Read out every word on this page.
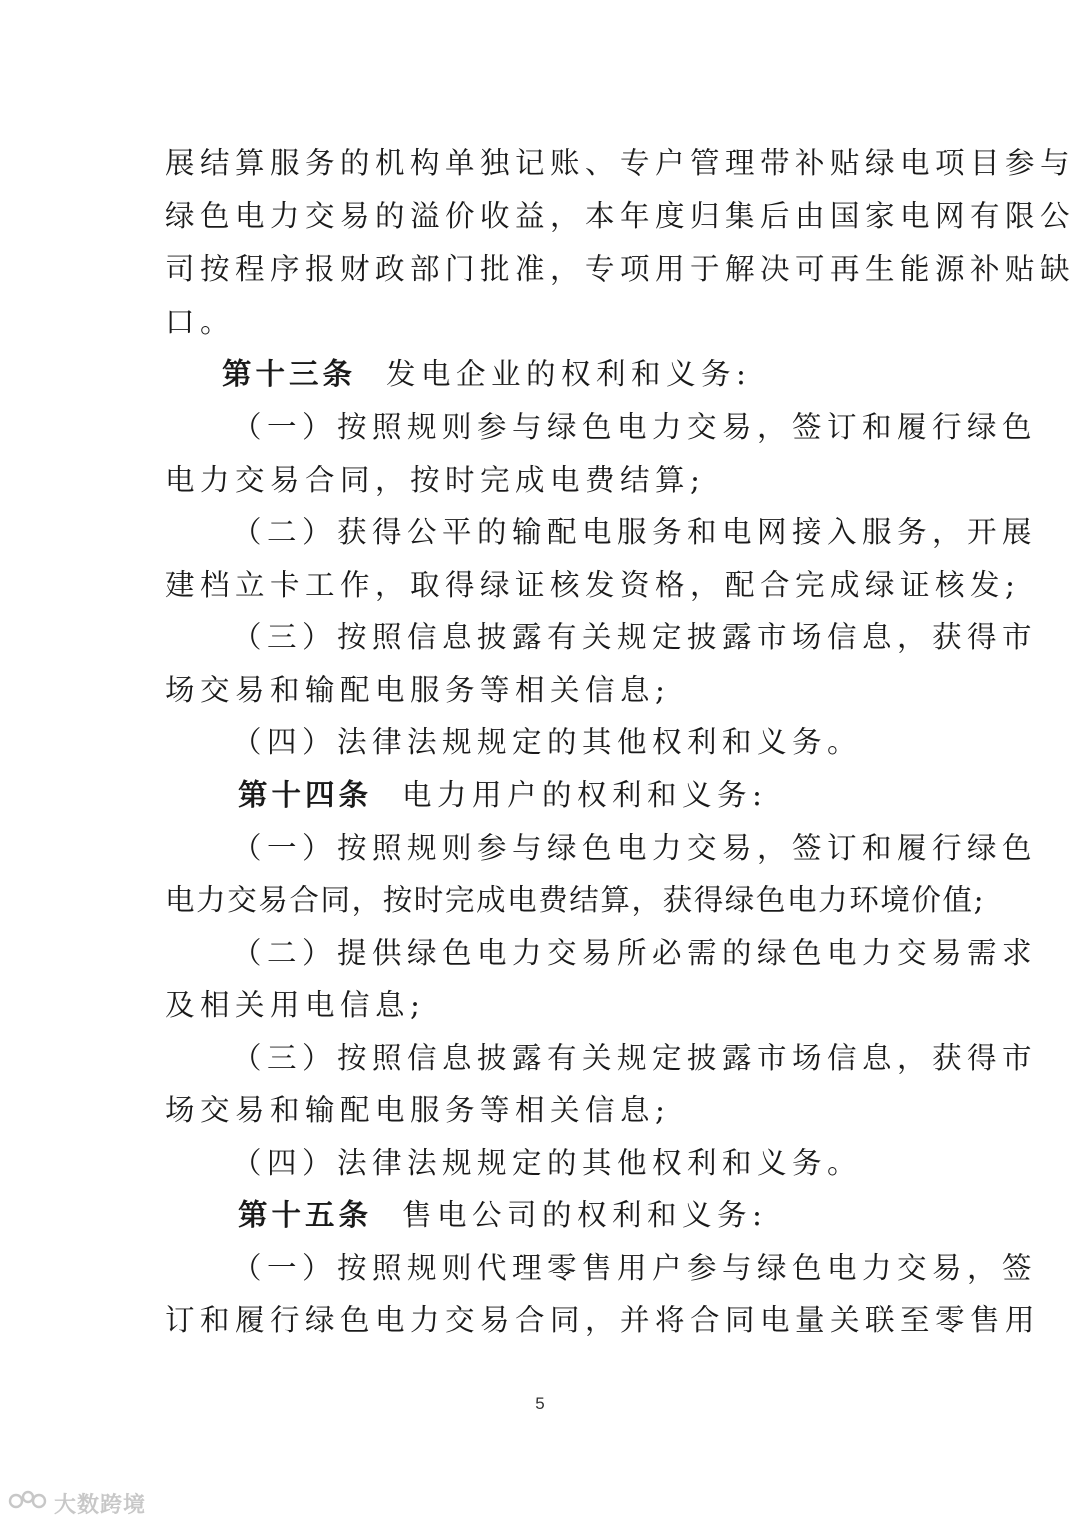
展结算服务的机构单独记账、专户管理带补贴绿电项目参与
绿色电力交易的溢价收益，本年度归集后由国家电网有限公
司按程序报财政部门批准，专项用于解决可再生能源补贴缺
口。
第十三条 发电企业的权利和义务:
（一）按照规则参与绿色电力交易，签订和履行绿色
电力交易合同，按时完成电费结算;
（二）获得公平的输配电服务和电网接入服务，开展
建档立卡工作，取得绿证核发资格，配合完成绿证核发;
（三）按照信息披露有关规定披露市场信息，获得市
场交易和输配电服务等相关信息;
（四）法律法规规定的其他权利和义务。
第十四条 电力用户的权利和义务:
（一）按照规则参与绿色电力交易，签订和履行绿色
电力交易合同，按时完成电费结算，获得绿色电力环境价值;
（二）提供绿色电力交易所必需的绿色电力交易需求
及相关用电信息;
（三）按照信息披露有关规定披露市场信息，获得市
场交易和输配电服务等相关信息;
（四）法律法规规定的其他权利和义务。
第十五条 售电公司的权利和义务:
（一）按照规则代理零售用户参与绿色电力交易，签
订和履行绿色电力交易合同，并将合同电量关联至零售用
5
大数跨境
